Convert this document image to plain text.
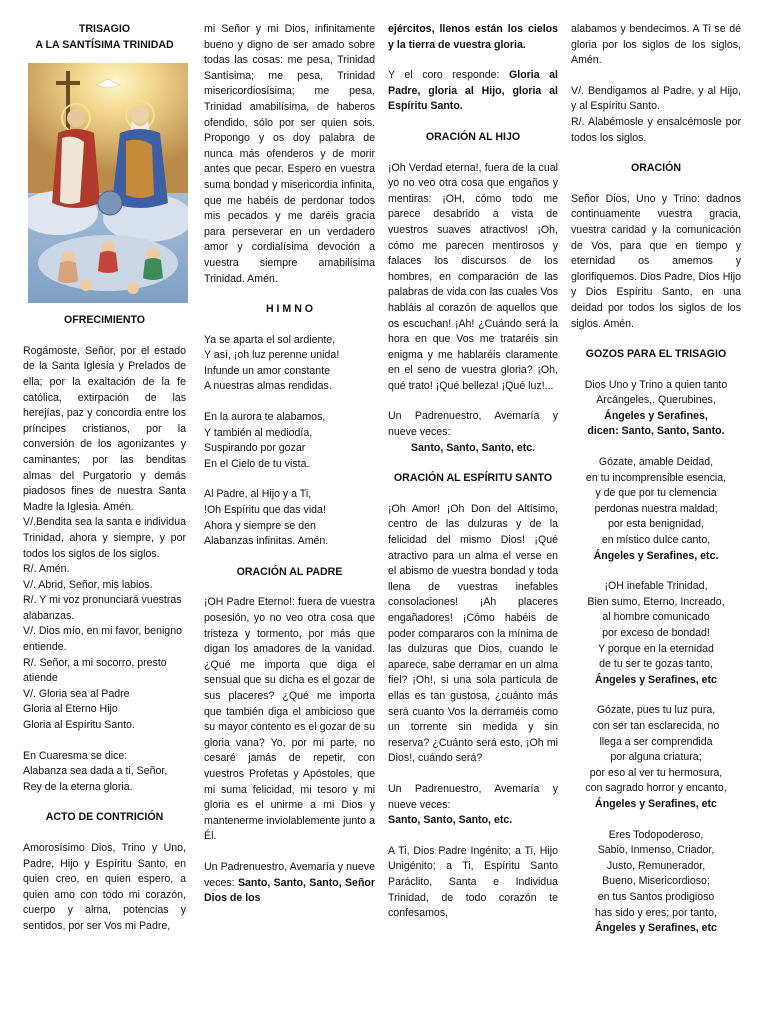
TRISAGIO
A LA SANTÍSIMA TRINIDAD
OFRECIMIENTO

Rogámoste, Señor, por el estado de la Santa Iglesia y Prelados de ella; por la exaltación de la fe católica, extirpación de las herejías, paz y concordia entre los príncipes cristianos, por la conversión de los agonizantes y caminantes; por las benditas almas del Purgatorio y demás piadosos fines de nuestra Santa Madre la Iglesia. Amén.

V/.Bendita sea la santa e individua Trinidad, ahora y siempre, y por todos los siglos de los siglos.

R/. Amén.

V/. Abrid, Señor, mis labios.

R/. Y mi voz pronunciará vuestras alabanzas.

V/. Dios mío, en mi favor, benigno entiende.

R/. Señor, a mi socorro, presto atiende

V/. Gloria sea al Padre

Gloria al Eterno Hijo

Gloria al Espíritu Santo.

En Cuaresma se dice:

Alabanza sea dada a ti, Señor,

Rey de la eterna gloria.

ACTO DE CONTRICIÓN

Amorosísimo Dios, Trino y Uno, Padre, Hijo y Espíritu Santo, en quien creo, en quien espero, a quien amo con todo mi corazón, cuerpo y alma, potencias y sentidos, por ser Vos mi Padre,

mi Señor y mi Dios, infinitamente bueno y digno de ser amado sobre todas las cosas: me pesa, Trinidad Santísima; me pesa, Trinidad misericordiosísima; me pesa, Trinidad amabilísima, de haberos ofendido, sólo por ser quien sois. Propongo y os doy palabra de nunca más ofenderos y de morir antes que pecar. Espero en vuestra suma bondad y misericordia infinita, que me habéis de perdonar todos mis pecados y me daréis gracia para perseverar en un verdadero amor y cordialísima devoción a vuestra siempre amabilísima Trinidad. Amén.

H I M N O

Ya se aparta el sol ardiente,

Y así, ¡oh luz perenne unida!

Infunde un amor constante

A nuestras almas rendidas.

En la aurora te alabamos,

Y también al mediodía,

Suspirando por gozar

En el Cielo de tu vista.

Al Padre, al Hijo y a Ti,

!Oh Espíritu que das vida!

Ahora y siempre se den

Alabanzas infinitas. Amén.

ORACIÓN AL PADRE

¡OH Padre Eterno!: fuera de vuestra posesión, yo no veo otra cosa que tristeza y tormento, por más que digan los amadores de la vanidad. ¿Qué me importa que diga el sensual que su dicha es el gozar de sus placeres? ¿Qué me importa que también diga el ambicioso que su mayor contento es el gozar de su gloria vana? Yo, por mi parte, no cesaré jamás de repetir, con vuestros Profetas y Apóstoles, que mi suma felicidad, mi tesoro y mi gloria es el unirme a mi Dios y mantenerme inviolablemente junto a Él.

Un Padrenuestro, Avemaría y nueve veces: Santo, Santo, Santo, Señor Dios de los

ejércitos, llenos están los cielos y la tierra de vuestra gloria.

Y el coro responde: Gloria al Padre, gloria al Hijo, gloria al Espíritu Santo.

ORACIÓN AL HIJO

¡Oh Verdad eterna!, fuera de la cual yo no veo otra cosa que engaños y mentiras: ¡OH, cómo todo me parece desabrido a vista de vuestros suaves atractivos! ¡Oh, cómo me parecen mentirosos y falaces los discursos de los hombres, en comparación de las palabras de vida con las cuales Vos habláis al corazón de aquellos que os escuchan! ¡Ah! ¿Cuándo será la hora en que Vos me trataréis sin enigma y me hablaréis claramente en el seno de vuestra gloria? ¡Oh, qué trato! ¡Qué belleza! ¡Qué luz!...

Un Padrenuestro, Avemaría y nueve veces:

Santo, Santo, Santo, etc.

ORACIÓN AL ESPÍRITU SANTO

¡Oh Amor! ¡Oh Don del Altísimo, centro de las dulzuras y de la felicidad del mismo Dios! ¡Qué atractivo para un alma el verse en el abismo de vuestra bondad y toda llena de vuestras inefables consolaciones! ¡Ah placeres engañadores! ¡Cómo habéis de poder compararos con la mínima de las dulzuras que Dios, cuando le aparece, sabe derramar en un alma fiel? ¡Oh!, si una sola partícula de ellas es tan gustosa, ¿cuánto más será cuanto Vos la derraméis como un torrente sin medida y sin reserva? ¿Cuánto será esto, ¡Oh mi Dios!, cuándo será?

Un Padrenuestro, Avemaría y nueve veces:

Santo, Santo, Santo, etc.

A Ti, Dios Padre Ingénito; a Ti, Hijo Unigénito; a Ti, Espíritu Santo Paráclito, Santa e Individua Trinidad, de todo corazón te confesamos,

alabamos y bendecimos. A Ti se dé gloria por los siglos de los siglos, Amén.

V/. Bendigamos al Padre, y al Hijo, y al Espíritu Santo.

R/. Alabémosle y ensalcémosle por todos los siglos.

ORACIÓN

Señor Dios, Uno y Trino: dadnos continuamente vuestra gracia, vuestra caridad y la comunicación de Vos, para que en tiempo y eternidad os amemos y glorifiquemos. Dios Padre, Dios Hijo y Dios Espíritu Santo, en una deidad por todos los siglos de los siglos. Amén.

GOZOS PARA EL TRISAGIO

Dios Uno y Trino a quien tanto

Arcángeles,. Querubines,

Ángeles y Serafines,

dicen: Santo, Santo, Santo.

Gózate, amable Deidad,

en tu incomprensible esencia,

y de que por tu clemencia

perdonas nuestra maldad;

por esta benignidad,

en místico dulce canto,

Ángeles y Serafines, etc.

¡OH inefable Trinidad,

Bien sumo, Eterno, Increado,

al hombre comunicado

por exceso de bondad!

Y porque en la eternidad

de tu ser te gozas tanto,

Ángeles y Serafines, etc

Gózate, pues tu luz pura,

con ser tan esclarecida, no

llega a ser comprendida

por alguna criatura;

por eso al ver tu hermosura,

con sagrado horror y encanto,

Ángeles y Serafines, etc

Eres Todopoderoso,

Sabio, Inmenso, Criador,

Justo, Remunerador,

Bueno, Misericordioso;

en tus Santos prodigioso

has sido y eres; por tanto,

Ángeles y Serafines, etc
